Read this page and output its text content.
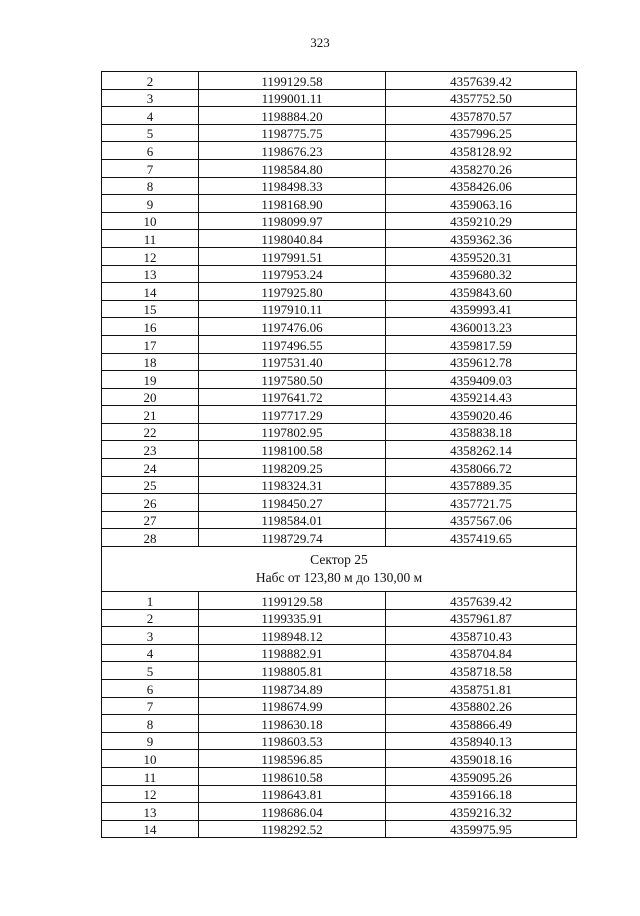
323
2	1199129.58	4357639.42
3	1199001.11	4357752.50
4	1198884.20	4357870.57
5	1198775.75	4357996.25
6	1198676.23	4358128.92
7	1198584.80	4358270.26
8	1198498.33	4358426.06
9	1198168.90	4359063.16
10	1198099.97	4359210.29
11	1198040.84	4359362.36
12	1197991.51	4359520.31
13	1197953.24	4359680.32
14	1197925.80	4359843.60
15	1197910.11	4359993.41
16	1197476.06	4360013.23
17	1197496.55	4359817.59
18	1197531.40	4359612.78
19	1197580.50	4359409.03
20	1197641.72	4359214.43
21	1197717.29	4359020.46
22	1197802.95	4358838.18
23	1198100.58	4358262.14
24	1198209.25	4358066.72
25	1198324.31	4357889.35
26	1198450.27	4357721.75
27	1198584.01	4357567.06
28	1198729.74	4357419.65

Сектор 25
Набс от 123,80 м до 130,00 м		

1	1199129.58	4357639.42
2	1199335.91	4357961.87
3	1198948.12	4358710.43
4	1198882.91	4358704.84
5	1198805.81	4358718.58
6	1198734.89	4358751.81
7	1198674.99	4358802.26
8	1198630.18	4358866.49
9	1198603.53	4358940.13
10	1198596.85	4359018.16
11	1198610.58	4359095.26
12	1198643.81	4359166.18
13	1198686.04	4359216.32
14	1198292.52	4359975.95
